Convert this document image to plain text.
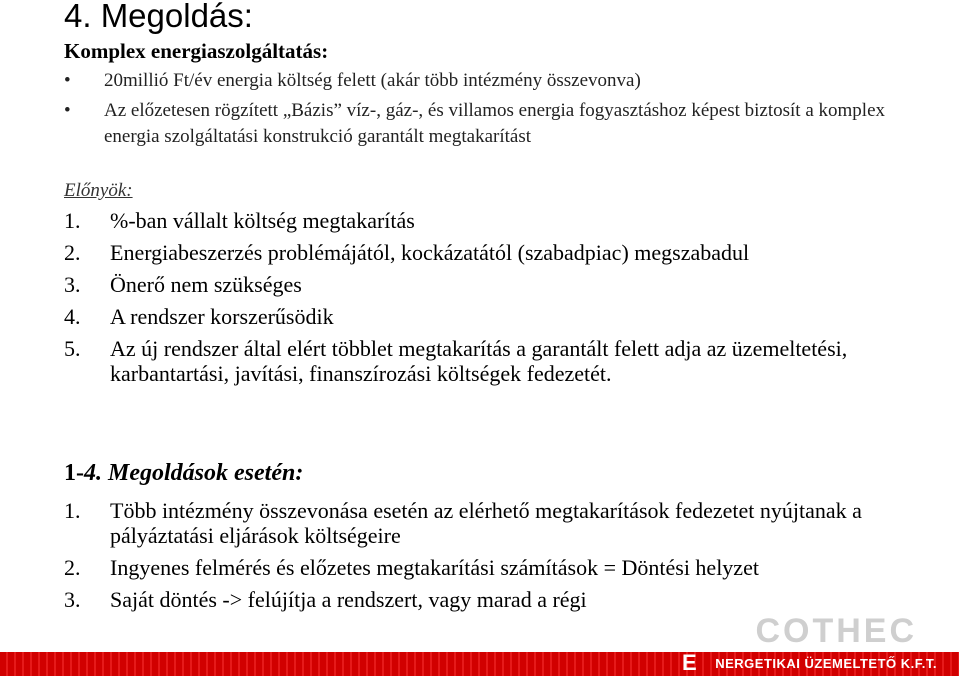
4. Megoldás:
Komplex energiaszolgáltatás:
• 20millió Ft/év energia költség felett (akár több intézmény összevonva)
• Az előzetesen rögzített „Bázis” víz-, gáz-, és villamos energia fogyasztáshoz képest biztosít a komplex energia szolgáltatási konstrukció garantált megtakarítást
Előnyök:
1. %-ban vállalt költség megtakarítás
2. Energiabeszerzés problémájától, kockázatától (szabadpiac) megszabadul
3. Önerő nem szükséges
4. A rendszer korszerűsödik
5. Az új rendszer által elért többlet megtakarítás a garantált felett adja az üzemeltetési, karbantartási, javítási, finanszírozási költségek fedezetét.
1-4. Megoldások esetén:
1. Több intézmény összevonása esetén az elérhető megtakarítások fedezetet nyújtanak a pályáztatási eljárások költségeire
2. Ingyenes felmérés és előzetes megtakarítási számítások = Döntési helyzet
3. Saját döntés -> felújítja a rendszert, vagy marad a régi
COTHEC
E NERGETIKAI ÜZEMELTETŐ K.F.T.
